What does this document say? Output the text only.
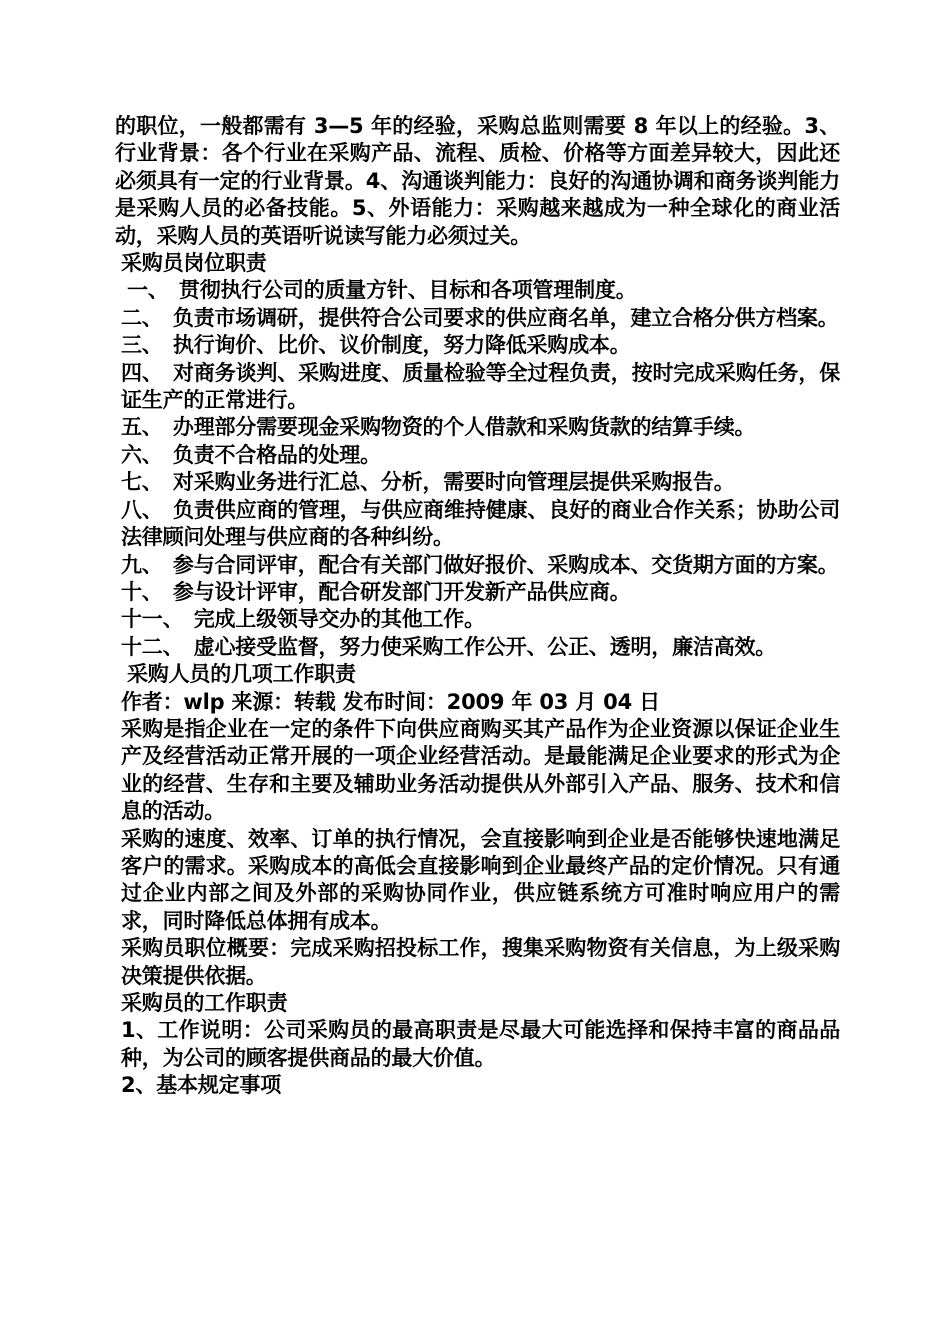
的职位，一般都需有 3—5 年的经验，采购总监则需要 8 年以上的经验。3、行业背景：各个行业在采购产品、流程、质检、价格等方面差异较大，因此还必须具有一定的行业背景。4、沟通谈判能力：良好的沟通协调和商务谈判能力是采购人员的必备技能。5、外语能力：采购越来越成为一种全球化的商业活动，采购人员的英语听说读写能力必须过关。

采购员岗位职责

一、　贯彻执行公司的质量方针、目标和各项管理制度。

二、　负责市场调研，提供符合公司要求的供应商名单，建立合格分供方档案。

三、　执行询价、比价、议价制度，努力降低采购成本。

四、　对商务谈判、采购进度、质量检验等全过程负责，按时完成采购任务，保证生产的正常进行。

五、　办理部分需要现金采购物资的个人借款和采购货款的结算手续。

六、　负责不合格品的处理。

七、　对采购业务进行汇总、分析，需要时向管理层提供采购报告。

八、　负责供应商的管理，与供应商维持健康、良好的商业合作关系；协助公司法律顾问处理与供应商的各种纠纷。

九、　参与合同评审，配合有关部门做好报价、采购成本、交货期方面的方案。

十、　参与设计评审，配合研发部门开发新产品供应商。

十一、　完成上级领导交办的其他工作。

十二、　虚心接受监督，努力使采购工作公开、公正、透明，廉洁高效。

采购人员的几项工作职责

作者：wlp 来源：转载 发布时间：2009 年 03 月 04 日

采购是指企业在一定的条件下向供应商购买其产品作为企业资源以保证企业生产及经营活动正常开展的一项企业经营活动。是最能满足企业要求的形式为企业的经营、生存和主要及辅助业务活动提供从外部引入产品、服务、技术和信息的活动。

采购的速度、效率、订单的执行情况，会直接影响到企业是否能够快速地满足客户的需求。采购成本的高低会直接影响到企业最终产品的定价情况。只有通过企业内部之间及外部的采购协同作业，供应链系统方可准时响应用户的需求，同时降低总体拥有成本。

采购员职位概要：完成采购招投标工作，搜集采购物资有关信息，为上级采购决策提供依据。

采购员的工作职责

1、工作说明：公司采购员的最高职责是尽最大可能选择和保持丰富的商品品种，为公司的顾客提供商品的最大价值。

2、基本规定事项
